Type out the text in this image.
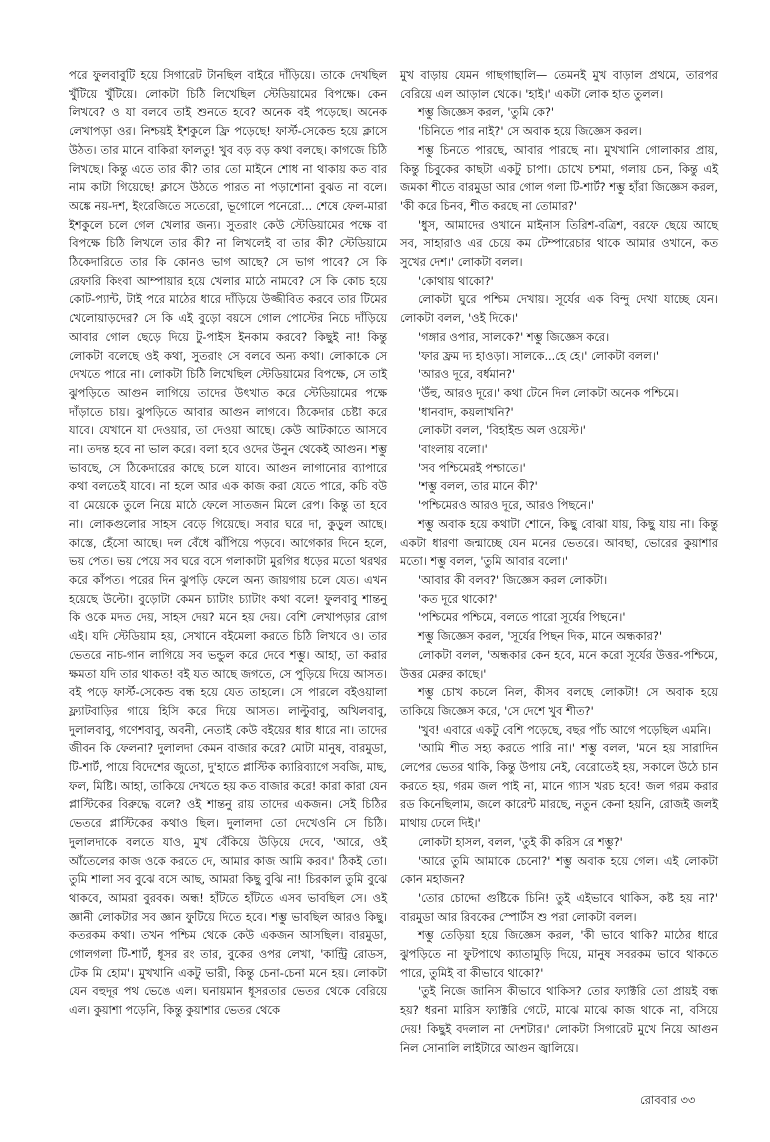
পরে ফুলবাবুটি হয়ে সিগারেট টানছিল বাইরে দাঁড়িয়ে। তাকে দেখছিল খুঁটিয়ে খুঁটিয়ে। লোকটা চিঠি লিখেছিল স্টেডিয়ামের বিপক্ষে। কেন লিখবে? ও যা বলবে তাই শুনতে হবে? অনেক বই পড়েছে। অনেক লেখাপড়া ওর। নিশ্চয়ই ইশকুলে ফ্রি পড়েছে! ফার্স্ট-সেকেন্ড হয়ে ক্লাসে উঠত। তার মানে বাকিরা ফালতু! খুব বড় বড় কথা বলছে। কাগজে চিঠি লিখছে। কিন্তু এতে তার কী? তার তো মাইনে শোধ না থাকায় কত বার নাম কাটা গিয়েছে! ক্লাসে উঠতে পারত না পড়াশোনা বুঝত না বলে। অঙ্কে নয়-দশ, ইংরেজিতে সতেরো, ভূগোলে পনেরো... শেষে ফেল-মারা ইশকুলে চলে গেল খেলার জন্য। সুতরাং কেউ স্টেডিয়ামের পক্ষে বা বিপক্ষে চিঠি লিখলে তার কী? না লিখলেই বা তার কী? স্টেডিয়ামে ঠিকেদারিতে তার কি কোনও ভাগ আছে? সে ভাগ পাবে? সে কি রেফারি কিংবা আম্পায়ার হয়ে খেলার মাঠে নামবে? সে কি কোচ হয়ে কোট-প্যান্ট, টাই পরে মাঠের ধারে দাঁড়িয়ে উজ্জীবিত করবে তার টিমের খেলোয়াড়দের? সে কি এই বুড়ো বয়সে গোল পোস্টের নিচে দাঁড়িয়ে আবার গোল ছেড়ে দিয়ে টু-পাইস ইনকাম করবে? কিছুই না! কিন্তু লোকটা বলেছে ওই কথা, সুতরাং সে বলবে অন্য কথা। লোকাকে সে দেখতে পারে না। লোকটা চিঠি লিখেছিল স্টেডিয়ামের বিপক্ষে, সে তাই ঝুপড়িতে আগুন লাগিয়ে তাদের উৎখাত করে স্টেডিয়ামের পক্ষে দাঁড়াতে চায়। ঝুপড়িতে আবার আগুন লাগবে। ঠিকেদার চেষ্টা করে যাবে। যেখানে যা দেওয়ার, তা দেওয়া আছে। কেউ আটকাতে আসবে না। তদন্ত হবে না ভাল করে। বলা হবে ওদের উনুন থেকেই আগুন। শম্ভু ভাবছে, সে ঠিকেদারের কাছে চলে যাবে। আগুন লাগানোর ব্যাপারে কথা বলতেই যাবে। না হলে আর এক কাজ করা যেতে পারে, কচি বউ বা মেয়েকে তুলে নিয়ে মাঠে ফেলে সাতজন মিলে রেপ। কিন্তু তা হবে না। লোকগুলোর সাহস বেড়ে গিয়েছে। সবার ঘরে দা, কুড়ুল আছে। কাস্তে, হেঁসো আছে। দল বেঁধে ঝাঁপিয়ে পড়বে। আগেকার দিনে হলে, ভয় পেত। ভয় পেয়ে সব ঘরে বসে গলাকাটা মুরগির ধড়ের মতো থরথর করে কাঁপত। পরের দিন ঝুপড়ি ফেলে অন্য জায়গায় চলে যেত। এখন হয়েছে উল্টো। বুড়োটা কেমন চ্যাটাং চ্যাটাং কথা বলে! ফুলবাবু শান্তনু কি ওকে মদত দেয়, সাহস দেয়? মনে হয় দেয়। বেশি লেখাপড়ার রোগ এই। যদি স্টেডিয়াম হয়, সেখানে বইমেলা করতে চিঠি লিখবে ও। তার ভেতরে নাচ-গান লাগিয়ে সব ভন্ডুল করে দেবে শম্ভু। আহা, তা করার ক্ষমতা যদি তার থাকত! বই যত আছে জগতে, সে পুড়িয়ে দিয়ে আসত। বই পড়ে ফার্স্ট-সেকেন্ড বন্ধ হয়ে যেত তাহলে। সে পারলে বইওয়ালা ফ্ল্যাটবাড়ির গায়ে হিসি করে দিয়ে আসত। লাল্টুবাবু, অখিলবাবু, দুলালবাবু, গণেশবাবু, অবনী, নেতাই কেউ বইয়ের ধার ধারে না। তাদের জীবন কি ফেলনা? দুলালদা কেমন বাজার করে? মোটা মানুষ, বারমুডা, টি-শার্ট, পায়ে বিদেশের জুতো, দু'হাতে প্লাস্টিক ক্যারিব্যাগে সবজি, মাছ, ফল, মিষ্টি। আহা, তাকিয়ে দেখতে হয় কত বাজার করে! কারা কারা যেন প্লাস্টিকের বিরুদ্ধে বলে? ওই শান্তনু রায় তাদের একজন। সেই চিঠির ভেতরে প্লাস্টিকের কথাও ছিল। দুলালদা তো দেখেওনি সে চিঠি। দুলালদাকে বলতে যাও, মুখ বেঁকিয়ে উড়িয়ে দেবে, 'আরে, ওই আঁতেলের কাজ ওকে করতে দে, আমার কাজ আমি করব।' ঠিকই তো। তুমি শালা সব বুঝে বসে আছ, আমরা কিছু বুঝি না! চিরকাল তুমি বুঝে থাকবে, আমরা বুরবক। অন্ধ! হাঁটতে হাঁটতে এসব ভাবছিল সে। ওই জ্ঞানী লোকটার সব জ্ঞান ফুটিয়ে দিতে হবে। শম্ভু ভাবছিল আরও কিছু। কতরকম কথা। তখন পশ্চিম থেকে কেউ একজন আসছিল। বারমুডা, গোলগলা টি-শার্ট, ধূসর রং তার, বুকের ওপর লেখা, 'কান্ট্রি রোডস, টেক মি হোম'। মুখখানি একটু ভারী, কিন্তু চেনা-চেনা মনে হয়। লোকটা যেন বহুদূর পথ ভেঙে এল। ঘনায়মান ধূসরতার ভেতর থেকে বেরিয়ে এল। কুয়াশা পড়েনি, কিন্তু কুয়াশার ভেতর থেকে

মুখ বাড়ায় যেমন গাছগাছালি— তেমনই মুখ বাড়াল প্রথমে, তারপর বেরিয়ে এল আড়াল থেকে। 'হাই।' একটা লোক হাত তুলল।

শম্ভু জিজ্ঞেস করল, 'তুমি কে?'

'চিনিতে পার নাই?' সে অবাক হয়ে জিজ্ঞেস করল।

শম্ভু চিনতে পারছে, আবার পারছে না। মুখখানি গোলাকার প্রায়, কিন্তু চিবুকের কাছটা একটু চাপা। চোখে চশমা, গলায় চেন, কিন্তু এই জমকা শীতে বারমুডা আর গোল গলা টি-শার্ট? শম্ভু হাঁরা জিজ্ঞেস করল, 'কী করে চিনব, শীত করছে না তোমার?'

'ধুস, আমাদের ওখানে মাইনাস তিরিশ-বত্রিশ, বরফে ছেয়ে আছে সব, সাহারাও এর চেয়ে কম টেম্পারেচার থাকে আমার ওখানে, কত সুখের দেশ।' লোকটা বলল।

'কোথায় থাকো?'

লোকটা ঘুরে পশ্চিম দেখায়। সূর্যের এক বিন্দু দেখা যাচ্ছে যেন। লোকটা বলল, 'ওই দিকে।'

'গঙ্গার ওপার, সালকে?' শম্ভু জিজ্ঞেস করে।

'ফার ফ্রম দ্য হাওড়া। সালকে...হে হে।' লোকটা বলল।'

'আরও দূরে, বর্ধমান?'

'উঁহু, আরও দূরে।' কথা টেনে দিল লোকটা অনেক পশ্চিমে।

'ধানবাদ, কয়লাখনি?'

লোকটা বলল, 'বিহাইন্ড অল ওয়েস্ট।'

'বাংলায় বলো।'

'সব পশ্চিমেরই পশ্চাতে।'

'শম্ভু বলল, তার মানে কী?'

'পশ্চিমেরও আরও দূরে, আরও পিছনে।'

শম্ভু অবাক হয়ে কথাটা শোনে, কিছু বোঝা যায়, কিছু যায় না। কিন্তু একটা ধারণা জন্মাচ্ছে যেন মনের ভেতরে। আবছা, ভোরের কুয়াশার মতো। শম্ভু বলল, 'তুমি আবার বলো।'

'আবার কী বলব?' জিজ্ঞেস করল লোকটা।

'কত দূরে থাকো?'

'পশ্চিমের পশ্চিমে, বলতে পারো সূর্যের পিছনে।'

শম্ভু জিজ্ঞেস করল, 'সূর্যের পিছন দিক, মানে অন্ধকার?'

লোকটা বলল, 'অন্ধকার কেন হবে, মনে করো সূর্যের উত্তর-পশ্চিমে, উত্তর মেরুর কাছে।'

শম্ভু চোখ কচলে নিল, কীসব বলছে লোকটা! সে অবাক হয়ে তাকিয়ে জিজ্ঞেস করে, 'সে দেশে খুব শীত?'

'খুব! এবারে একটু বেশি পড়েছে, বছর পাঁচ আগে পড়েছিল এমনি।

'আমি শীত সহ্য করতে পারি না।' শম্ভু বলল, 'মনে হয় সারাদিন লেপের ভেতর থাকি, কিন্তু উপায় নেই, বেরোতেই হয়, সকালে উঠে চান করতে হয়, গরম জল পাই না, মানে গ্যাস খরচ হবে! জল গরম করার রড কিনেছিলাম, জলে কারেন্ট মারছে, নতুন কেনা হয়নি, রোজই জলই মাথায় ঢেলে দিই।'

লোকটা হাসল, বলল, 'তুই কী করিস রে শম্ভু?'

'আরে তুমি আমাকে চেনো?' শম্ভু অবাক হয়ে গেল। এই লোকটা কোন মহাজন?

'তোর চোদ্দো গুষ্টিকে চিনি! তুই এইভাবে থাকিস, কষ্ট হয় না?' বারমুডা আর রিবকের স্পোর্টস শু পরা লোকটা বলল।

শম্ভু তেড়িয়া হয়ে জিজ্ঞেস করল, 'কী ভাবে থাকি? মাঠের ধারে ঝুপড়িতে না ফুটপাথে ক্যাতামুড়ি দিয়ে, মানুষ সবরকম ভাবে থাকতে পারে, তুমিই বা কীভাবে থাকো?'

'তুই নিজে জানিস কীভাবে থাকিস? তোর ফ্যাক্টরি তো প্রায়ই বন্ধ হয়? ধরনা মারিস ফ্যাক্টরি গেটে, মাঝে মাঝে কাজ থাকে না, বসিয়ে দেয়! কিছুই বদলাল না দেশটার।' লোকটা সিগারেট মুখে নিয়ে আগুন নিল সোনালি লাইটারে আগুন জ্বালিয়ে।

রোববার ৩৩
